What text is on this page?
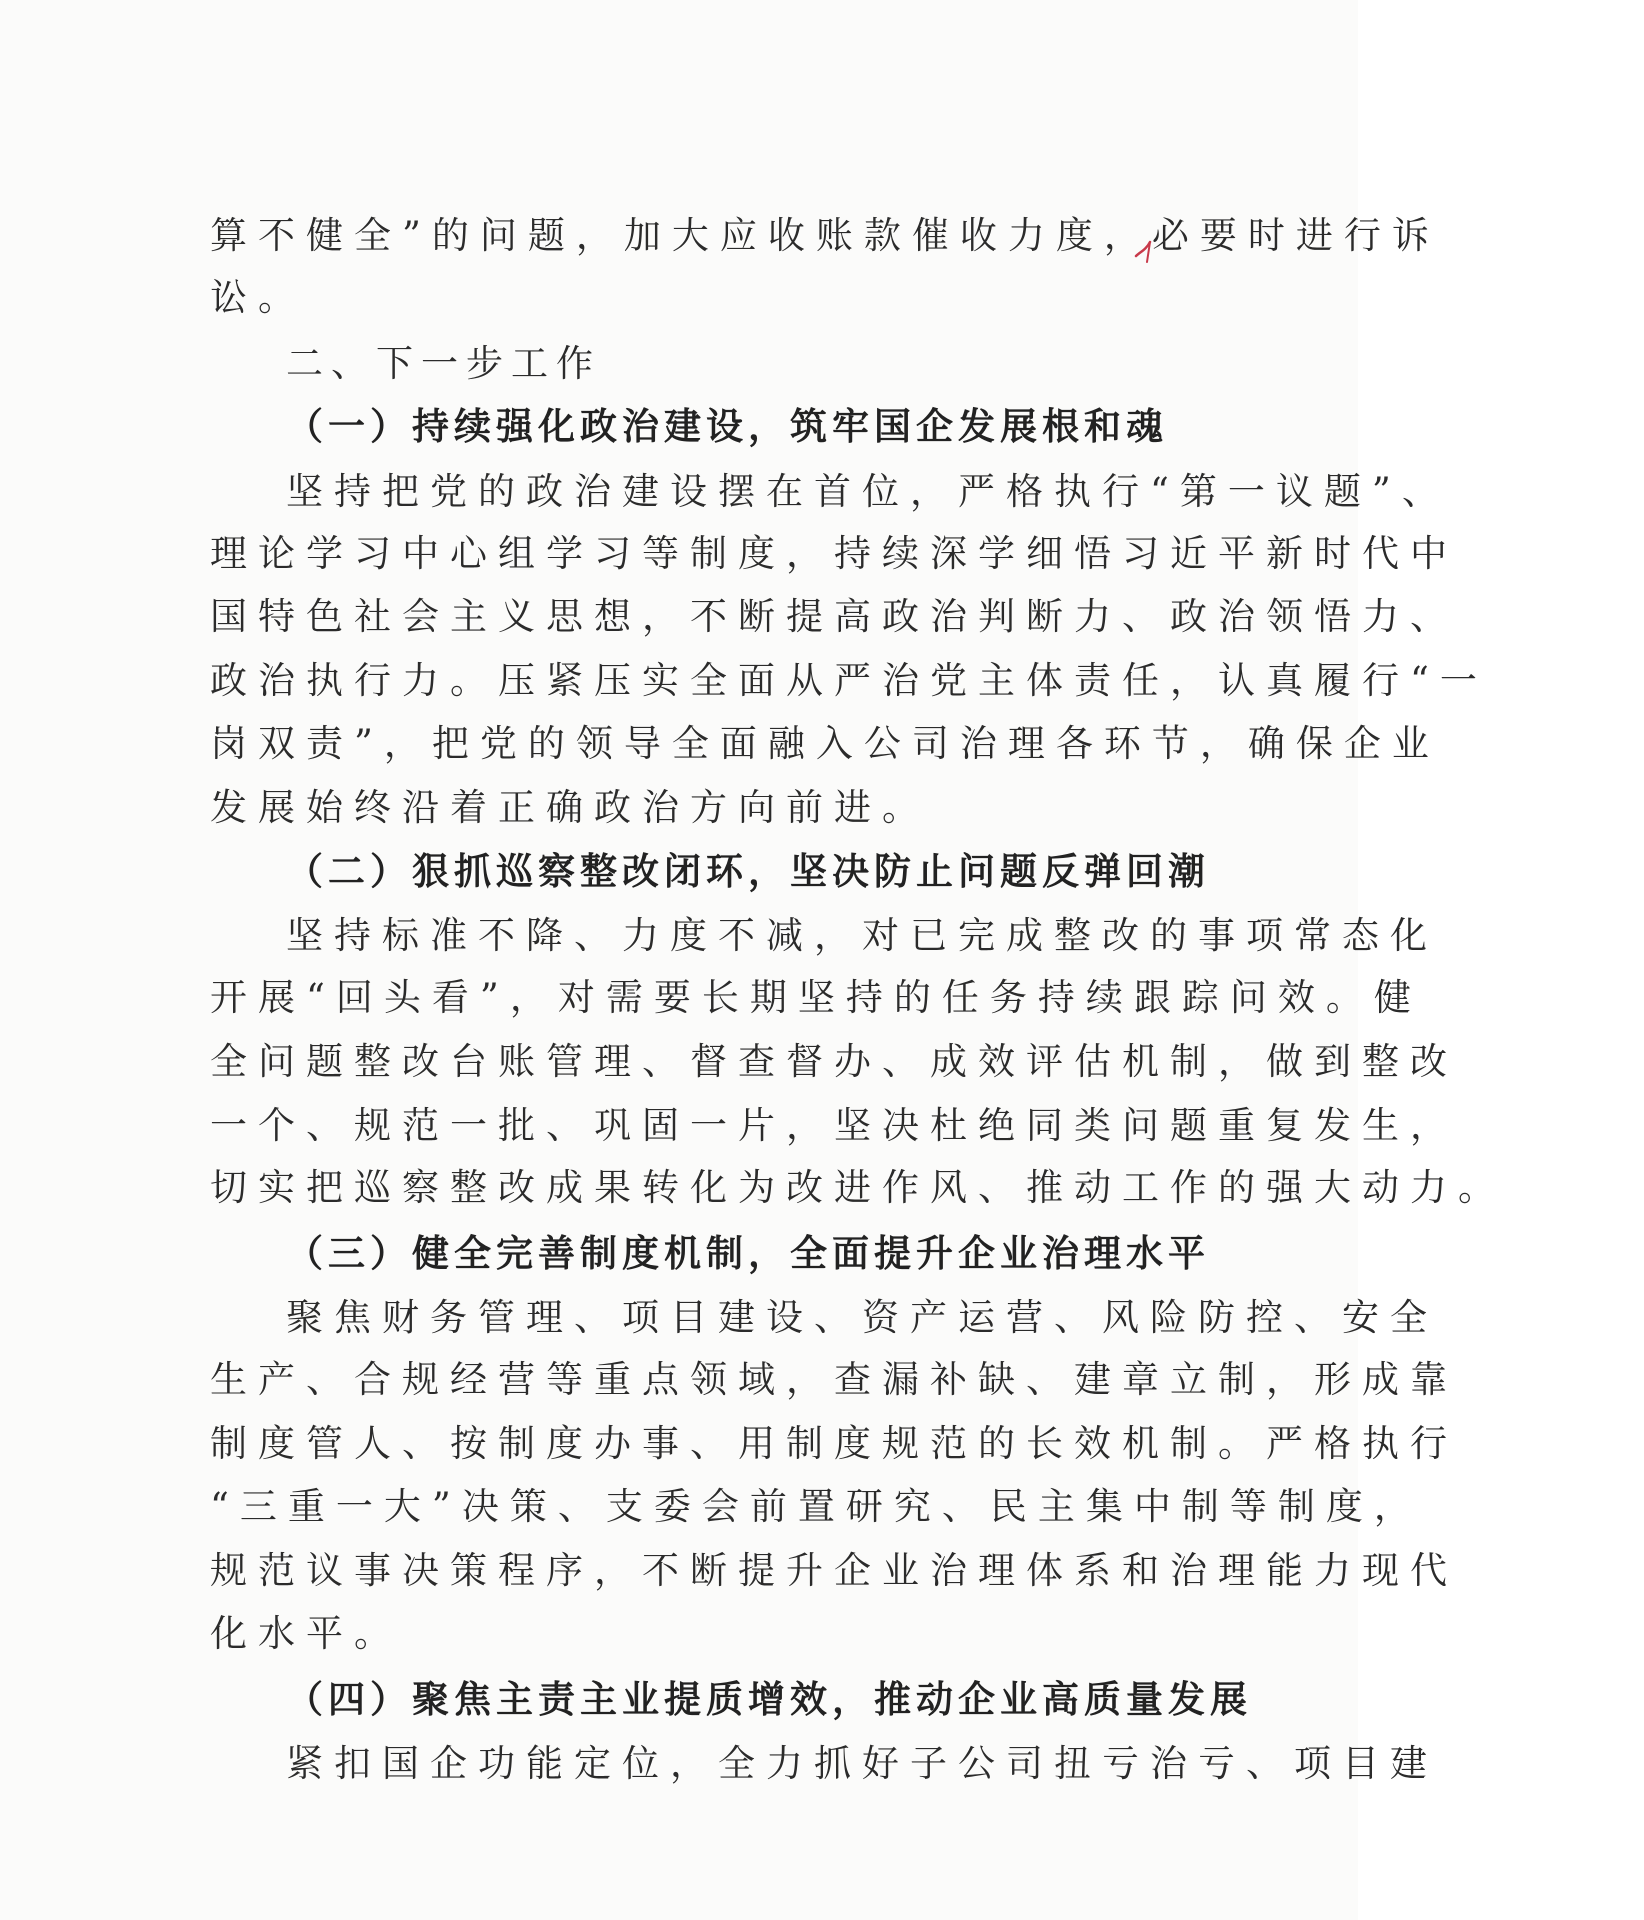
算不健全”的问题，加大应收账款催收力度，必要时进行诉

讼。

二、下一步工作

（一）持续强化政治建设，筑牢国企发展根和魂

坚持把党的政治建设摆在首位，严格执行“第一议题”、

理论学习中心组学习等制度，持续深学细悟习近平新时代中

国特色社会主义思想，不断提高政治判断力、政治领悟力、

政治执行力。压紧压实全面从严治党主体责任，认真履行“一

岗双责”，把党的领导全面融入公司治理各环节，确保企业

发展始终沿着正确政治方向前进。

（二）狠抓巡察整改闭环，坚决防止问题反弹回潮

坚持标准不降、力度不减，对已完成整改的事项常态化

开展“回头看”，对需要长期坚持的任务持续跟踪问效。健

全问题整改台账管理、督查督办、成效评估机制，做到整改

一个、规范一批、巩固一片，坚决杜绝同类问题重复发生，

切实把巡察整改成果转化为改进作风、推动工作的强大动力。

（三）健全完善制度机制，全面提升企业治理水平

聚焦财务管理、项目建设、资产运营、风险防控、安全

生产、合规经营等重点领域，查漏补缺、建章立制，形成靠

制度管人、按制度办事、用制度规范的长效机制。严格执行

“三重一大”决策、支委会前置研究、民主集中制等制度，

规范议事决策程序，不断提升企业治理体系和治理能力现代

化水平。

（四）聚焦主责主业提质增效，推动企业高质量发展

紧扣国企功能定位，全力抓好子公司扭亏治亏、项目建
